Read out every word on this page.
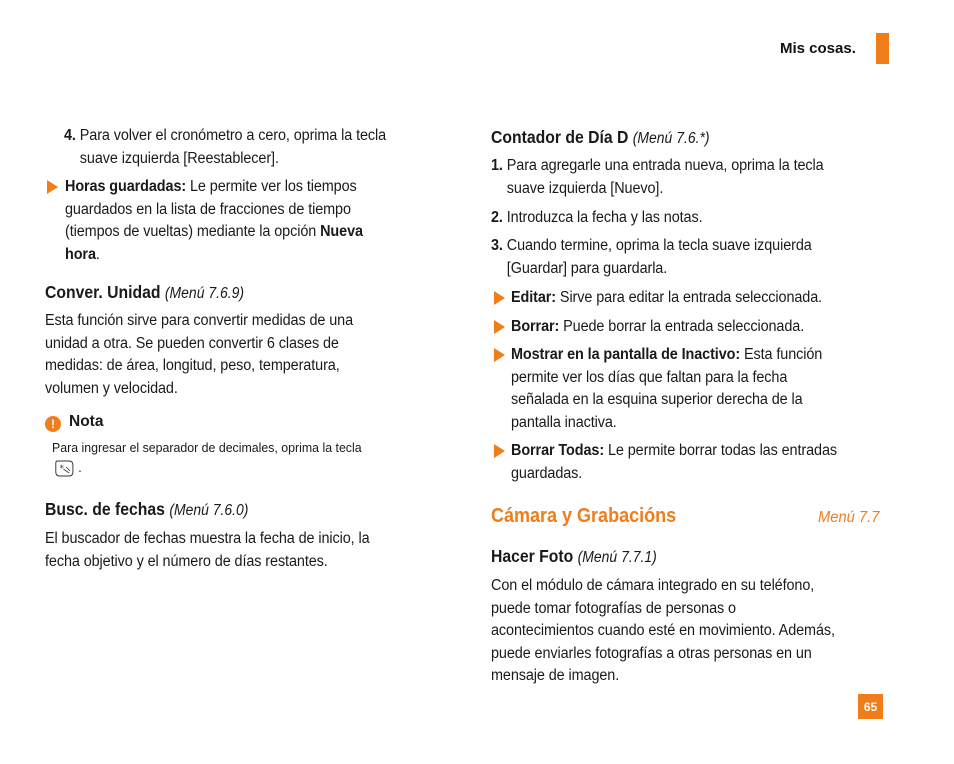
Mis cosas.
4. Para volver el cronómetro a cero, oprima la tecla
suave izquierda [Reestablecer].
Horas guardadas: Le permite ver los tiempos
guardados en la lista de fracciones de tiempo
(tiempos de vueltas) mediante la opción Nueva
hora.
Conver. Unidad (Menú 7.6.9)
Esta función sirve para convertir medidas de una
unidad a otra. Se pueden convertir 6 clases de
medidas: de área, longitud, peso, temperatura,
volumen y velocidad.
! Nota
Para ingresar el separador de decimales, oprima la tecla
* .
Busc. de fechas (Menú 7.6.0)
El buscador de fechas muestra la fecha de inicio, la
fecha objetivo y el número de días restantes.
Contador de Día D (Menú 7.6.*)
1. Para agregarle una entrada nueva, oprima la tecla
suave izquierda [Nuevo].
2. Introduzca la fecha y las notas.
3. Cuando termine, oprima la tecla suave izquierda
[Guardar] para guardarla.
Editar: Sirve para editar la entrada seleccionada.
Borrar: Puede borrar la entrada seleccionada.
Mostrar en la pantalla de Inactivo: Esta función
permite ver los días que faltan para la fecha
señalada en la esquina superior derecha de la
pantalla inactiva.
Borrar Todas: Le permite borrar todas las entradas
guardadas.
Cámara y Grabacións	Menú 7.7
Hacer Foto (Menú 7.7.1)
Con el módulo de cámara integrado en su teléfono,
puede tomar fotografías de personas o
acontecimientos cuando esté en movimiento. Además,
puede enviarles fotografías a otras personas en un
mensaje de imagen.
65
